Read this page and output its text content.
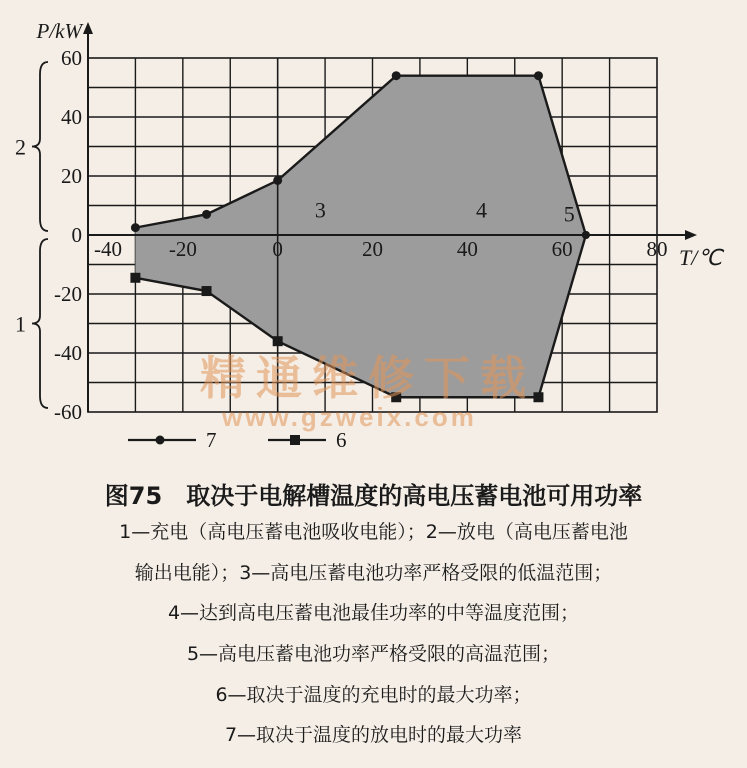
60
40
20
0
-20
-40
-60
-40 -20	0	20	40	60	80
P/kW
T/℃
3	4	5
2
1
7	6
精通维修下载
www.gzweix.com
图75　取决于电解槽温度的高电压蓄电池可用功率
1—充电（高电压蓄电池吸收电能）；2—放电（高电压蓄电池
输出电能）；3—高电压蓄电池功率严格受限的低温范围；
4—达到高电压蓄电池最佳功率的中等温度范围；
5—高电压蓄电池功率严格受限的高温范围；
6—取决于温度的充电时的最大功率；
7—取决于温度的放电时的最大功率
